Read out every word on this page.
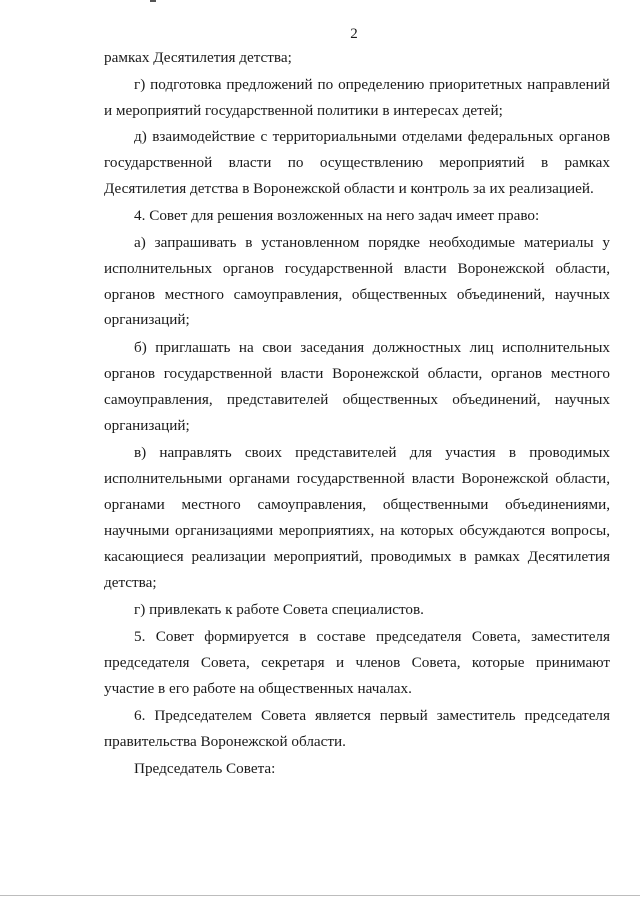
2
рамках Десятилетия детства;
г) подготовка предложений по определению приоритетных направлений
и мероприятий государственной политики в интересах детей;
д) взаимодействие с территориальными отделами федеральных органов
государственной власти по осуществлению мероприятий в рамках
Десятилетия детства в Воронежской области и контроль за их реализацией.
4. Совет для решения возложенных на него задач имеет право:
а) запрашивать в установленном порядке необходимые материалы у
исполнительных органов государственной власти Воронежской области,
органов местного самоуправления, общественных объединений, научных
организаций;
б) приглашать на свои заседания должностных лиц исполнительных
органов государственной власти Воронежской области, органов местного
самоуправления, представителей общественных объединений, научных
организаций;
в) направлять своих представителей для участия в проводимых
исполнительными органами государственной власти Воронежской области,
органами местного самоуправления, общественными объединениями,
научными организациями мероприятиях, на которых обсуждаются вопросы,
касающиеся реализации мероприятий, проводимых в рамках Десятилетия
детства;
г) привлекать к работе Совета специалистов.
5. Совет формируется в составе председателя Совета, заместителя
председателя Совета, секретаря и членов Совета, которые принимают
участие в его работе на общественных началах.
6. Председателем Совета является первый заместитель председателя
правительства Воронежской области.
Председатель Совета:
